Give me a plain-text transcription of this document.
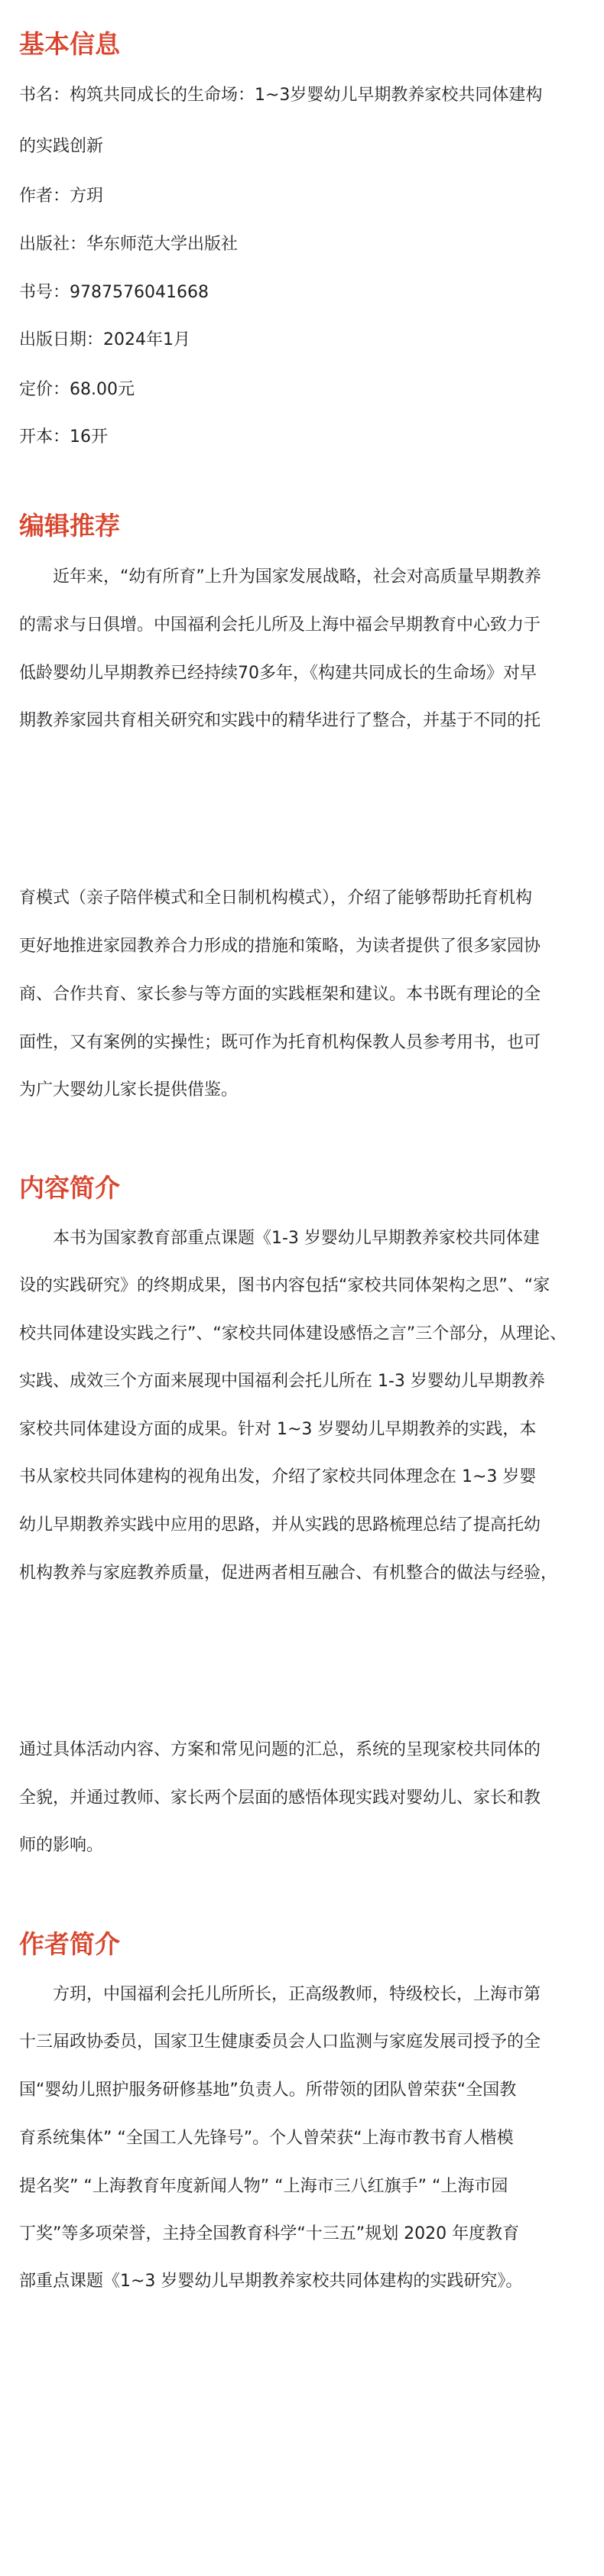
基本信息
书名：构筑共同成长的生命场：1~3岁婴幼儿早期教养家校共同体建构
的实践创新
作者：方玥
出版社：华东师范大学出版社
书号：9787576041668
出版日期：2024年1月
定价：68.00元
开本：16开
编辑推荐
近年来，“幼有所育”上升为国家发展战略，社会对高质量早期教养
的需求与日俱增。中国福利会托儿所及上海中福会早期教育中心致力于
低龄婴幼儿早期教养已经持续70多年，《构建共同成长的生命场》对早
期教养家园共育相关研究和实践中的精华进行了整合，并基于不同的托
育模式（亲子陪伴模式和全日制机构模式），介绍了能够帮助托育机构
更好地推进家园教养合力形成的措施和策略，为读者提供了很多家园协
商、合作共育、家长参与等方面的实践框架和建议。本书既有理论的全
面性，又有案例的实操性；既可作为托育机构保教人员参考用书，也可
为广大婴幼儿家长提供借鉴。
内容简介
本书为国家教育部重点课题《1-3 岁婴幼儿早期教养家校共同体建
设的实践研究》的终期成果，图书内容包括“家校共同体架构之思”、“家
校共同体建设实践之行”、“家校共同体建设感悟之言”三个部分，从理论、
实践、成效三个方面来展现中国福利会托儿所在 1-3 岁婴幼儿早期教养
家校共同体建设方面的成果。针对 1~3 岁婴幼儿早期教养的实践，本
书从家校共同体建构的视角出发，介绍了家校共同体理念在 1~3 岁婴
幼儿早期教养实践中应用的思路，并从实践的思路梳理总结了提高托幼
机构教养与家庭教养质量，促进两者相互融合、有机整合的做法与经验，
通过具体活动内容、方案和常见问题的汇总，系统的呈现家校共同体的
全貌，并通过教师、家长两个层面的感悟体现实践对婴幼儿、家长和教
师的影响。
作者简介
方玥，中国福利会托儿所所长，正高级教师，特级校长，上海市第
十三届政协委员，国家卫生健康委员会人口监测与家庭发展司授予的全
国“婴幼儿照护服务研修基地”负责人。所带领的团队曾荣获“全国教
育系统集体” “全国工人先锋号”。个人曾荣获“上海市教书育人楷模
提名奖” “上海教育年度新闻人物” “上海市三八红旗手” “上海市园
丁奖”等多项荣誉，主持全国教育科学“十三五”规划 2020 年度教育
部重点课题《1~3 岁婴幼儿早期教养家校共同体建构的实践研究》。
